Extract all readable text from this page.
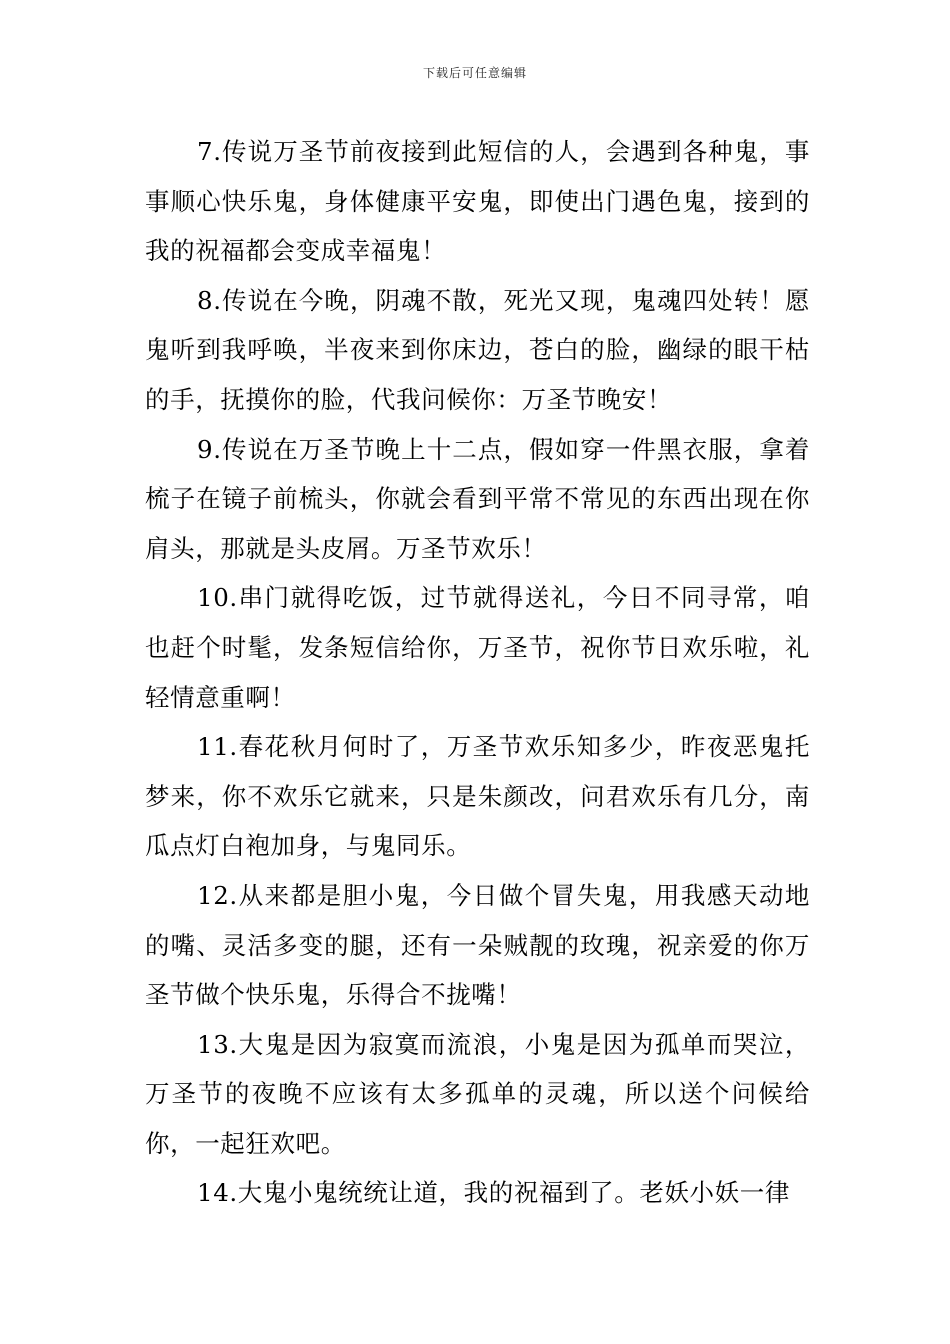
下载后可任意编辑

7.传说万圣节前夜接到此短信的人，会遇到各种鬼，事事顺心快乐鬼，身体健康平安鬼，即使出门遇色鬼，接到的我的祝福都会变成幸福鬼！

8.传说在今晚，阴魂不散，死光又现，鬼魂四处转！愿鬼听到我呼唤，半夜来到你床边，苍白的脸，幽绿的眼干枯的手，抚摸你的脸，代我问候你：万圣节晚安！

9.传说在万圣节晚上十二点，假如穿一件黑衣服，拿着梳子在镜子前梳头，你就会看到平常不常见的东西出现在你肩头，那就是头皮屑。万圣节欢乐！

10.串门就得吃饭，过节就得送礼，今日不同寻常，咱也赶个时髦，发条短信给你，万圣节，祝你节日欢乐啦，礼轻情意重啊！

11.春花秋月何时了，万圣节欢乐知多少，昨夜恶鬼托梦来，你不欢乐它就来，只是朱颜改，问君欢乐有几分，南瓜点灯白袍加身，与鬼同乐。

12.从来都是胆小鬼，今日做个冒失鬼，用我感天动地的嘴、灵活多变的腿，还有一朵贼靓的玫瑰，祝亲爱的你万圣节做个快乐鬼，乐得合不拢嘴！

13.大鬼是因为寂寞而流浪，小鬼是因为孤单而哭泣，万圣节的夜晚不应该有太多孤单的灵魂，所以送个问候给你，一起狂欢吧。

14.大鬼小鬼统统让道，我的祝福到了。老妖小妖一律
